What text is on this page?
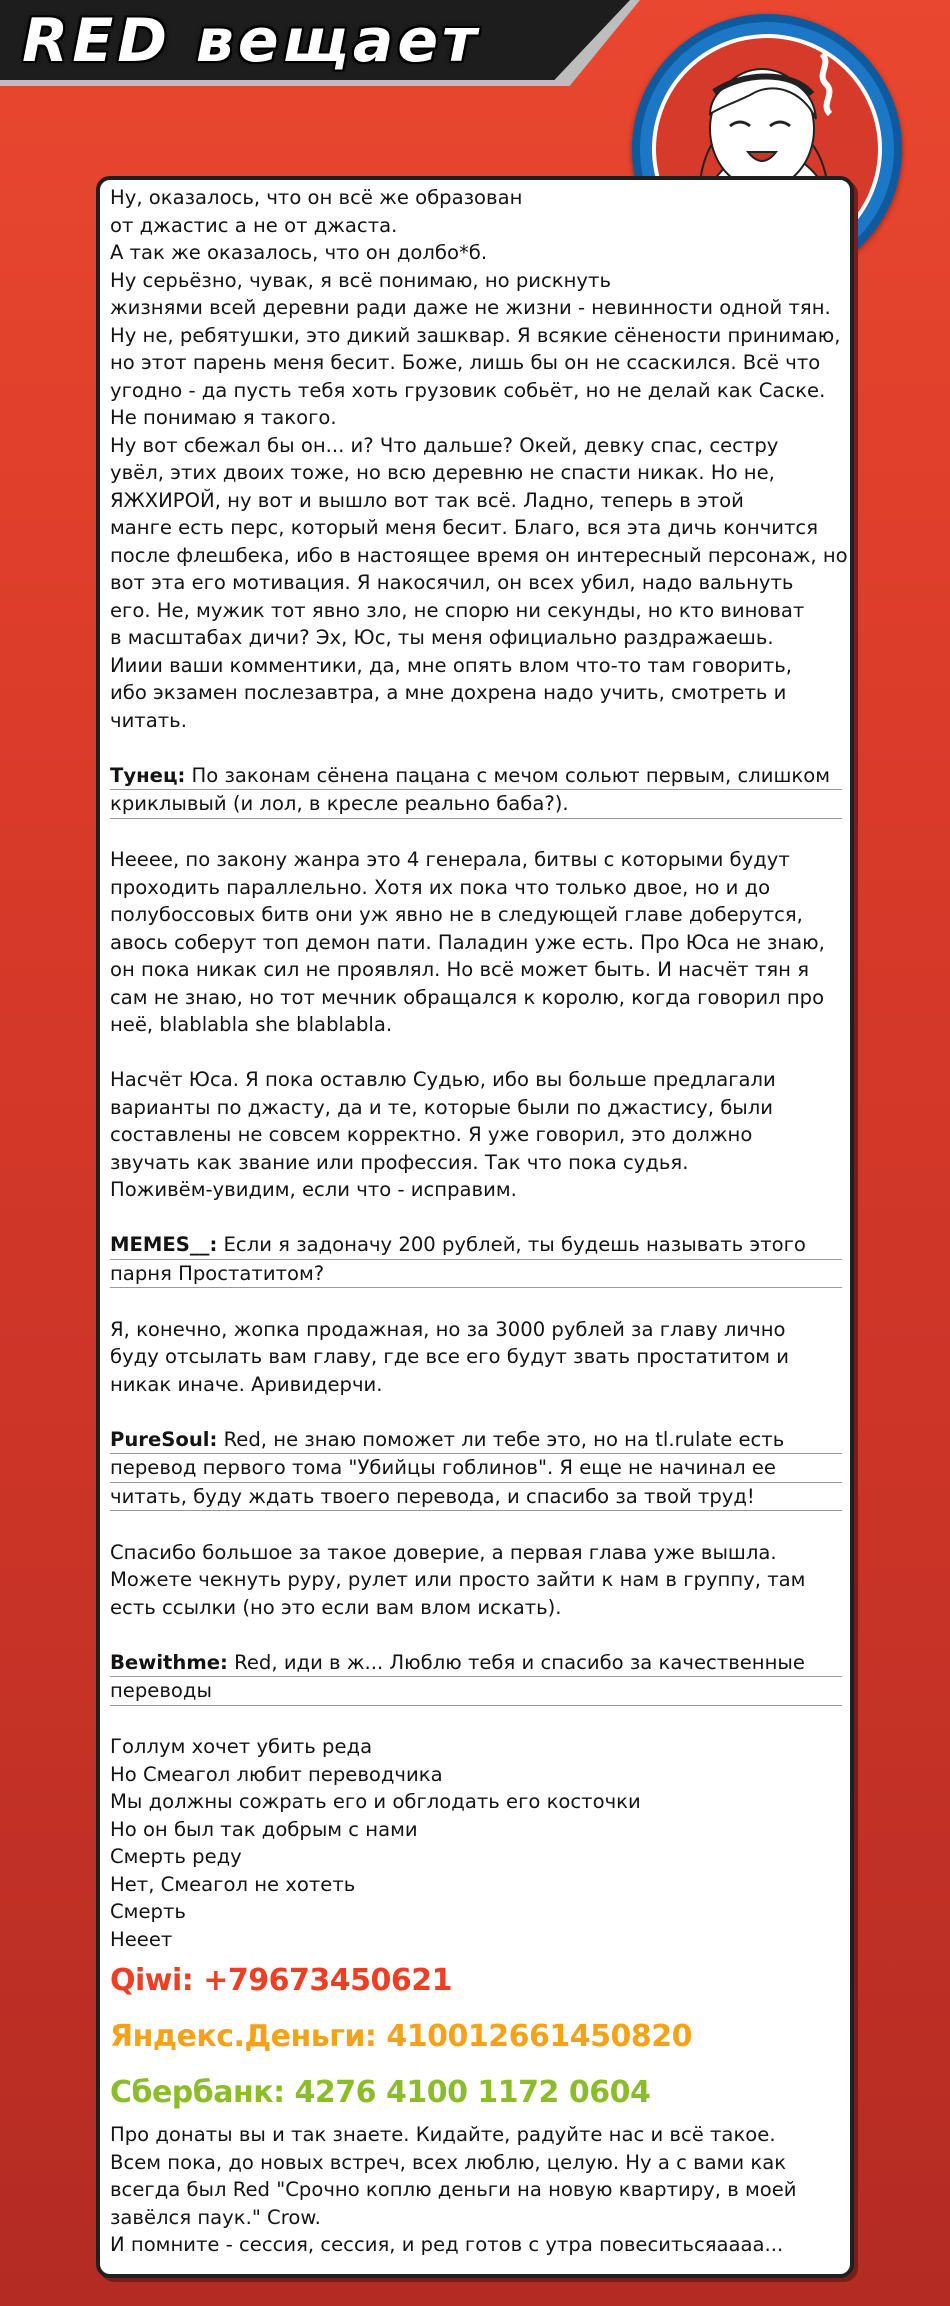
RED вещает
Ну, оказалось, что он всё же образован
от джастис а не от джаста.
А так же оказалось, что он долбо*б.
Ну серьёзно, чувак, я всё понимаю, но рискнуть
жизнями всей деревни ради даже не жизни - невинности одной тян.
Ну не, ребятушки, это дикий зашквар. Я всякие сёнености принимаю,
но этот парень меня бесит. Боже, лишь бы он не ссаскился. Всё что
угодно - да пусть тебя хоть грузовик собьёт, но не делай как Саске.
Не понимаю я такого.
Ну вот сбежал бы он... и? Что дальше? Окей, девку спас, сестру
увёл, этих двоих тоже, но всю деревню не спасти никак. Но не,
ЯЖХИРОЙ, ну вот и вышло вот так всё. Ладно, теперь в этой
манге есть перс, который меня бесит. Благо, вся эта дичь кончится
после флешбека, ибо в настоящее время он интересный персонаж, но
вот эта его мотивация. Я накосячил, он всех убил, надо вальнуть
его. Не, мужик тот явно зло, не спорю ни секунды, но кто виноват
в масштабах дичи? Эх, Юс, ты меня официально раздражаешь.
Ииии ваши комментики, да, мне опять влом что-то там говорить,
ибо экзамен послезавтра, а мне дохрена надо учить, смотреть и
читать.
Тунец: По законам сёнена пацана с мечом сольют первым, слишком
криклывый (и лол, в кресле реально баба?).
Нееее, по закону жанра это 4 генерала, битвы с которыми будут
проходить параллельно. Хотя их пока что только двое, но и до
полубоссовых битв они уж явно не в следующей главе доберутся,
авось соберут топ демон пати. Паладин уже есть. Про Юса не знаю,
он пока никак сил не проявлял. Но всё может быть. И насчёт тян я
сам не знаю, но тот мечник обращался к королю, когда говорил про
неё, blablabla she blablabla.
Насчёт Юса. Я пока оставлю Судью, ибо вы больше предлагали
варианты по джасту, да и те, которые были по джастису, были
составлены не совсем корректно. Я уже говорил, это должно
звучать как звание или профессия. Так что пока судья.
Поживём-увидим, если что - исправим.
MEMES__: Если я задоначу 200 рублей, ты будешь называть этого
парня Простатитом?
Я, конечно, жопка продажная, но за 3000 рублей за главу лично
буду отсылать вам главу, где все его будут звать простатитом и
никак иначе. Аривидерчи.
PureSoul: Red, не знаю поможет ли тебе это, но на tl.rulate есть
перевод первого тома "Убийцы гоблинов". Я еще не начинал ее
читать, буду ждать твоего перевода, и спасибо за твой труд!
Спасибо большое за такое доверие, а первая глава уже вышла.
Можете чекнуть руру, рулет или просто зайти к нам в группу, там
есть ссылки (но это если вам влом искать).
Bewithme: Red, иди в ж... Люблю тебя и спасибо за качественные
переводы
Голлум хочет убить реда
Но Смеагол любит переводчика
Мы должны сожрать его и обглодать его косточки
Но он был так добрым с нами
Смерть реду
Нет, Смеагол не хотеть
Смерть
Нееет
Qiwi: +79673450621
Яндекс.Деньги: 410012661450820
Сбербанк: 4276 4100 1172 0604
Про донаты вы и так знаете. Кидайте, радуйте нас и всё такое.
Всем пока, до новых встреч, всех люблю, целую. Ну а с вами как
всегда был Red "Срочно коплю деньги на новую квартиру, в моей
завёлся паук." Crow.
И помните - сессия, сессия, и ред готов с утра повеситьсяаааа...
